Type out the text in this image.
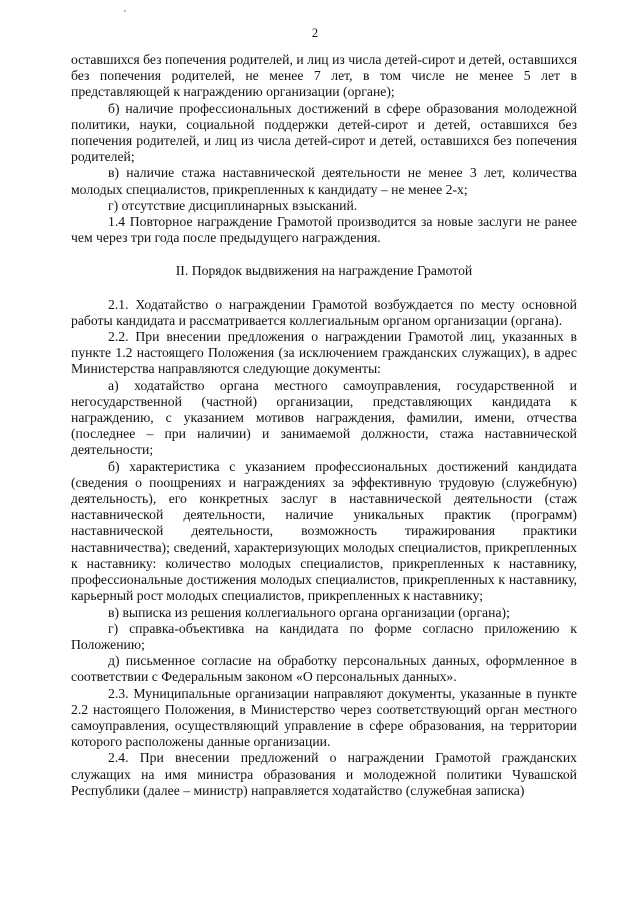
2

оставшихся без попечения родителей, и лиц из числа детей-сирот и детей, оставшихся без попечения родителей, не менее 7 лет, в том числе не менее 5 лет в представляющей к награждению организации (органе);

б) наличие профессиональных достижений в сфере образования молодежной политики, науки, социальной поддержки детей-сирот и детей, оставшихся без попечения родителей, и лиц из числа детей-сирот и детей, оставшихся без попечения родителей;

в) наличие стажа наставнической деятельности не менее 3 лет, количества молодых специалистов, прикрепленных к кандидату – не менее 2-х;

г) отсутствие дисциплинарных взысканий.

1.4 Повторное награждение Грамотой производится за новые заслуги не ранее чем через три года после предыдущего награждения.

II. Порядок выдвижения на награждение Грамотой

2.1. Ходатайство о награждении Грамотой возбуждается по месту основной работы кандидата и рассматривается коллегиальным органом организации (органа).

2.2. При внесении предложения о награждении Грамотой лиц, указанных в пункте 1.2 настоящего Положения (за исключением гражданских служащих), в адрес Министерства направляются следующие документы:

а) ходатайство органа местного самоуправления, государственной и негосударственной (частной) организации, представляющих кандидата к награждению, с указанием мотивов награждения, фамилии, имени, отчества (последнее – при наличии) и занимаемой должности, стажа наставнической деятельности;

б) характеристика с указанием профессиональных достижений кандидата (сведения о поощрениях и награждениях за эффективную трудовую (служебную) деятельность), его конкретных заслуг в наставнической деятельности (стаж наставнической деятельности, наличие уникальных практик (программ) наставнической деятельности, возможность тиражирования практики наставничества); сведений, характеризующих молодых специалистов, прикрепленных к наставнику: количество молодых специалистов, прикрепленных к наставнику, профессиональные достижения молодых специалистов, прикрепленных к наставнику, карьерный рост молодых специалистов, прикрепленных к наставнику;

в) выписка из решения коллегиального органа организации (органа);

г) справка-объективка на кандидата по форме согласно приложению к Положению;

д) письменное согласие на обработку персональных данных, оформленное в соответствии с Федеральным законом «О персональных данных».

2.3. Муниципальные организации направляют документы, указанные в пункте 2.2 настоящего Положения, в Министерство через соответствующий орган местного самоуправления, осуществляющий управление в сфере образования, на территории которого расположены данные организации.

2.4. При внесении предложений о награждении Грамотой гражданских служащих на имя министра образования и молодежной политики Чувашской Республики (далее – министр) направляется ходатайство (служебная записка)
